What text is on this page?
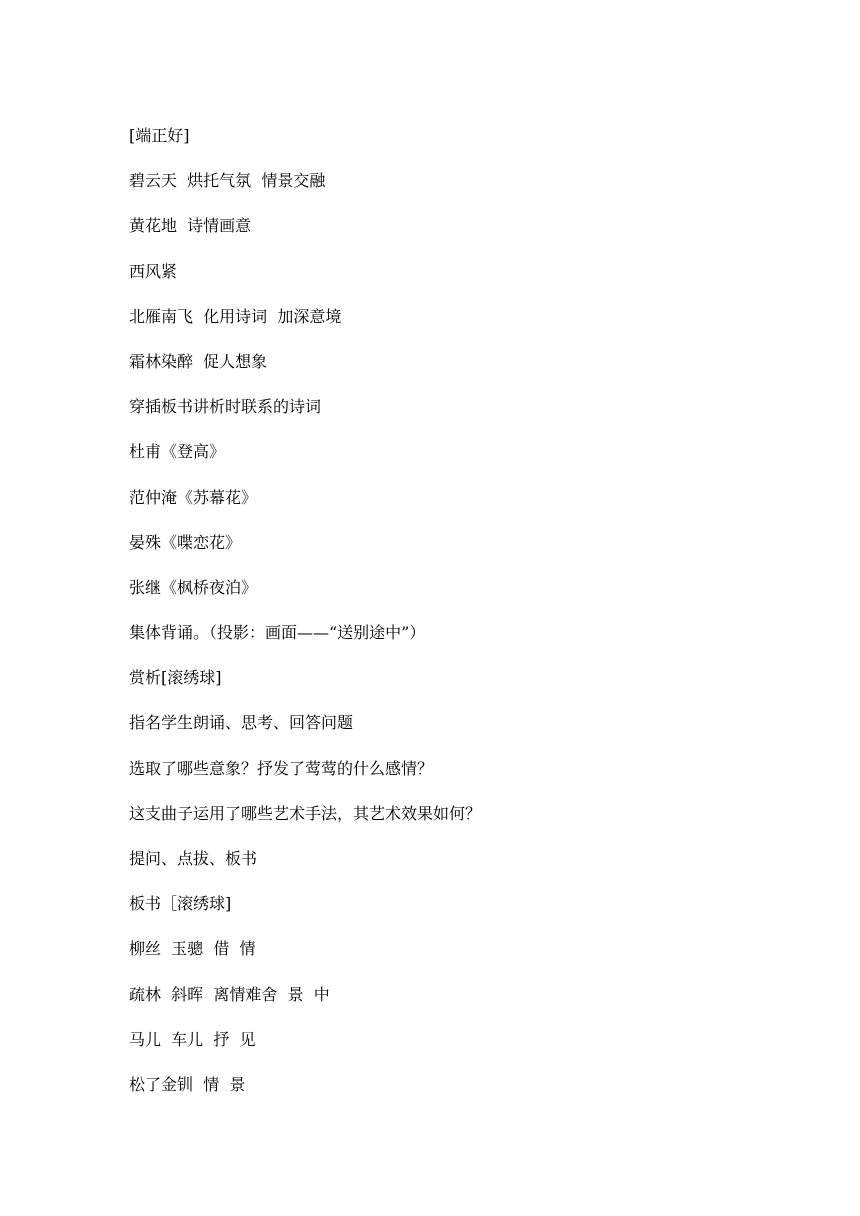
[端正好]
碧云天  烘托气氛  情景交融
黄花地  诗情画意
西风紧
北雁南飞  化用诗词  加深意境
霜林染醉  促人想象
穿插板书讲析时联系的诗词
杜甫《登高》
范仲淹《苏幕花》
晏殊《喋恋花》
张继《枫桥夜泊》
集体背诵。（投影：画面——“送别途中”）
赏析[滚绣球]
指名学生朗诵、思考、回答问题
选取了哪些意象？抒发了莺莺的什么感情？
这支曲子运用了哪些艺术手法，其艺术效果如何？
提问、点拔、板书
板书［滚绣球]
柳丝  玉骢  借  情
疏林  斜晖  离情难舍  景  中
马儿  车儿  抒  见
松了金钏  情  景
